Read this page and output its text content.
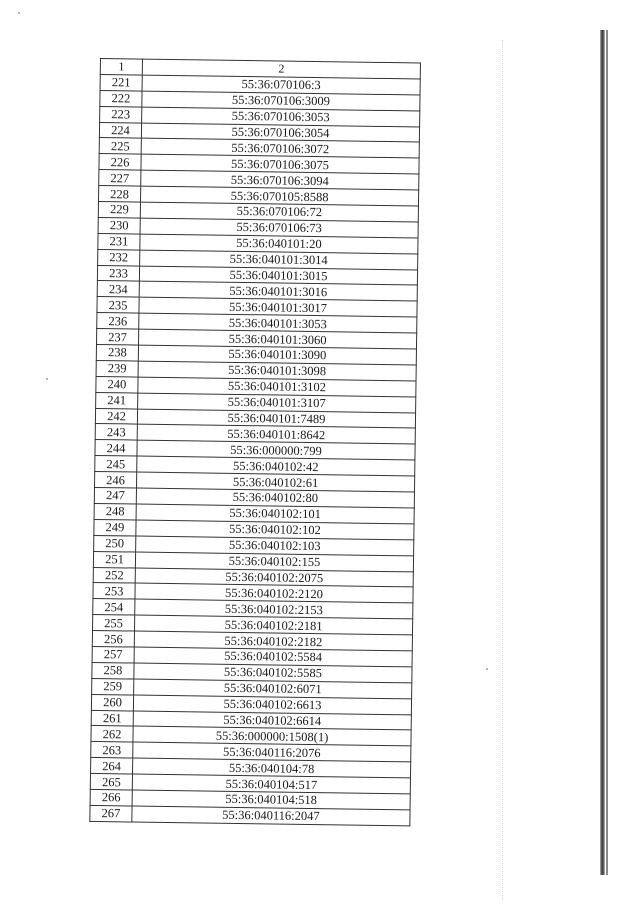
1	2
221	55:36:070106:3
222	55:36:070106:3009
223	55:36:070106:3053
224	55:36:070106:3054
225	55:36:070106:3072
226	55:36:070106:3075
227	55:36:070106:3094
228	55:36:070105:8588
229	55:36:070106:72
230	55:36:070106:73
231	55:36:040101:20
232	55:36:040101:3014
233	55:36:040101:3015
234	55:36:040101:3016
235	55:36:040101:3017
236	55:36:040101:3053
237	55:36:040101:3060
238	55:36:040101:3090
239	55:36:040101:3098
240	55:36:040101:3102
241	55:36:040101:3107
242	55:36:040101:7489
243	55:36:040101:8642
244	55:36:000000:799
245	55:36:040102:42
246	55:36:040102:61
247	55:36:040102:80
248	55:36:040102:101
249	55:36:040102:102
250	55:36:040102:103
251	55:36:040102:155
252	55:36:040102:2075
253	55:36:040102:2120
254	55:36:040102:2153
255	55:36:040102:2181
256	55:36:040102:2182
257	55:36:040102:5584
258	55:36:040102:5585
259	55:36:040102:6071
260	55:36:040102:6613
261	55:36:040102:6614
262	55:36:000000:1508(1)
263	55:36:040116:2076
264	55:36:040104:78
265	55:36:040104:517
266	55:36:040104:518
267	55:36:040116:2047
